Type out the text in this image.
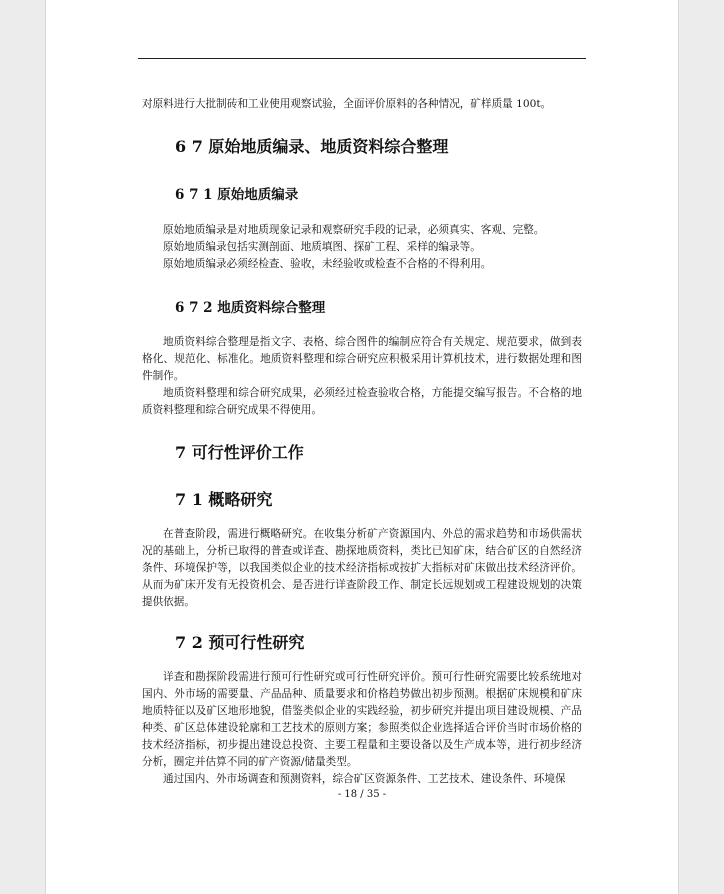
对原料进行大批制砖和工业使用观察试验，全面评价原料的各种情况，矿样质量 100t。

6 7 原始地质编录、地质资料综合整理
6 7 1 原始地质编录

原始地质编录是对地质现象记录和观察研究手段的记录，必须真实、客观、完整。

原始地质编录包括实测剖面、地质填图、探矿工程、采样的编录等。

原始地质编录必须经检查、验收，未经验收或检查不合格的不得利用。

6 7 2 地质资料综合整理

地质资料综合整理是指文字、表格、综合图件的编制应符合有关规定、规范要求，做到表格化、规范化、标准化。地质资料整理和综合研究应积极采用计算机技术，进行数据处理和图件制作。

地质资料整理和综合研究成果，必须经过检查验收合格，方能提交编写报告。不合格的地质资料整理和综合研究成果不得使用。

7 可行性评价工作
7 1 概略研究

在普查阶段，需进行概略研究。在收集分析矿产资源国内、外总的需求趋势和市场供需状况的基础上，分析已取得的普查或详查、勘探地质资料，类比已知矿床，结合矿区的自然经济条件、环境保护等，以我国类似企业的技术经济指标或按扩大指标对矿床做出技术经济评价。从而为矿床开发有无投资机会、是否进行详查阶段工作、制定长远规划或工程建设规划的决策提供依据。

7 2 预可行性研究

详查和勘探阶段需进行预可行性研究或可行性研究评价。预可行性研究需要比较系统地对国内、外市场的需要量、产品品种、质量要求和价格趋势做出初步预测。根据矿床规模和矿床地质特征以及矿区地形地貌，借鉴类似企业的实践经验，初步研究并提出项目建设规模、产品种类、矿区总体建设轮廓和工艺技术的原则方案；参照类似企业选择适合评价当时市场价格的技术经济指标，初步提出建设总投资、主要工程量和主要设备以及生产成本等，进行初步经济分析，圈定并估算不同的矿产资源/储量类型。

通过国内、外市场调查和预测资料，综合矿区资源条件、工艺技术、建设条件、环境保

- 18 / 35 -
